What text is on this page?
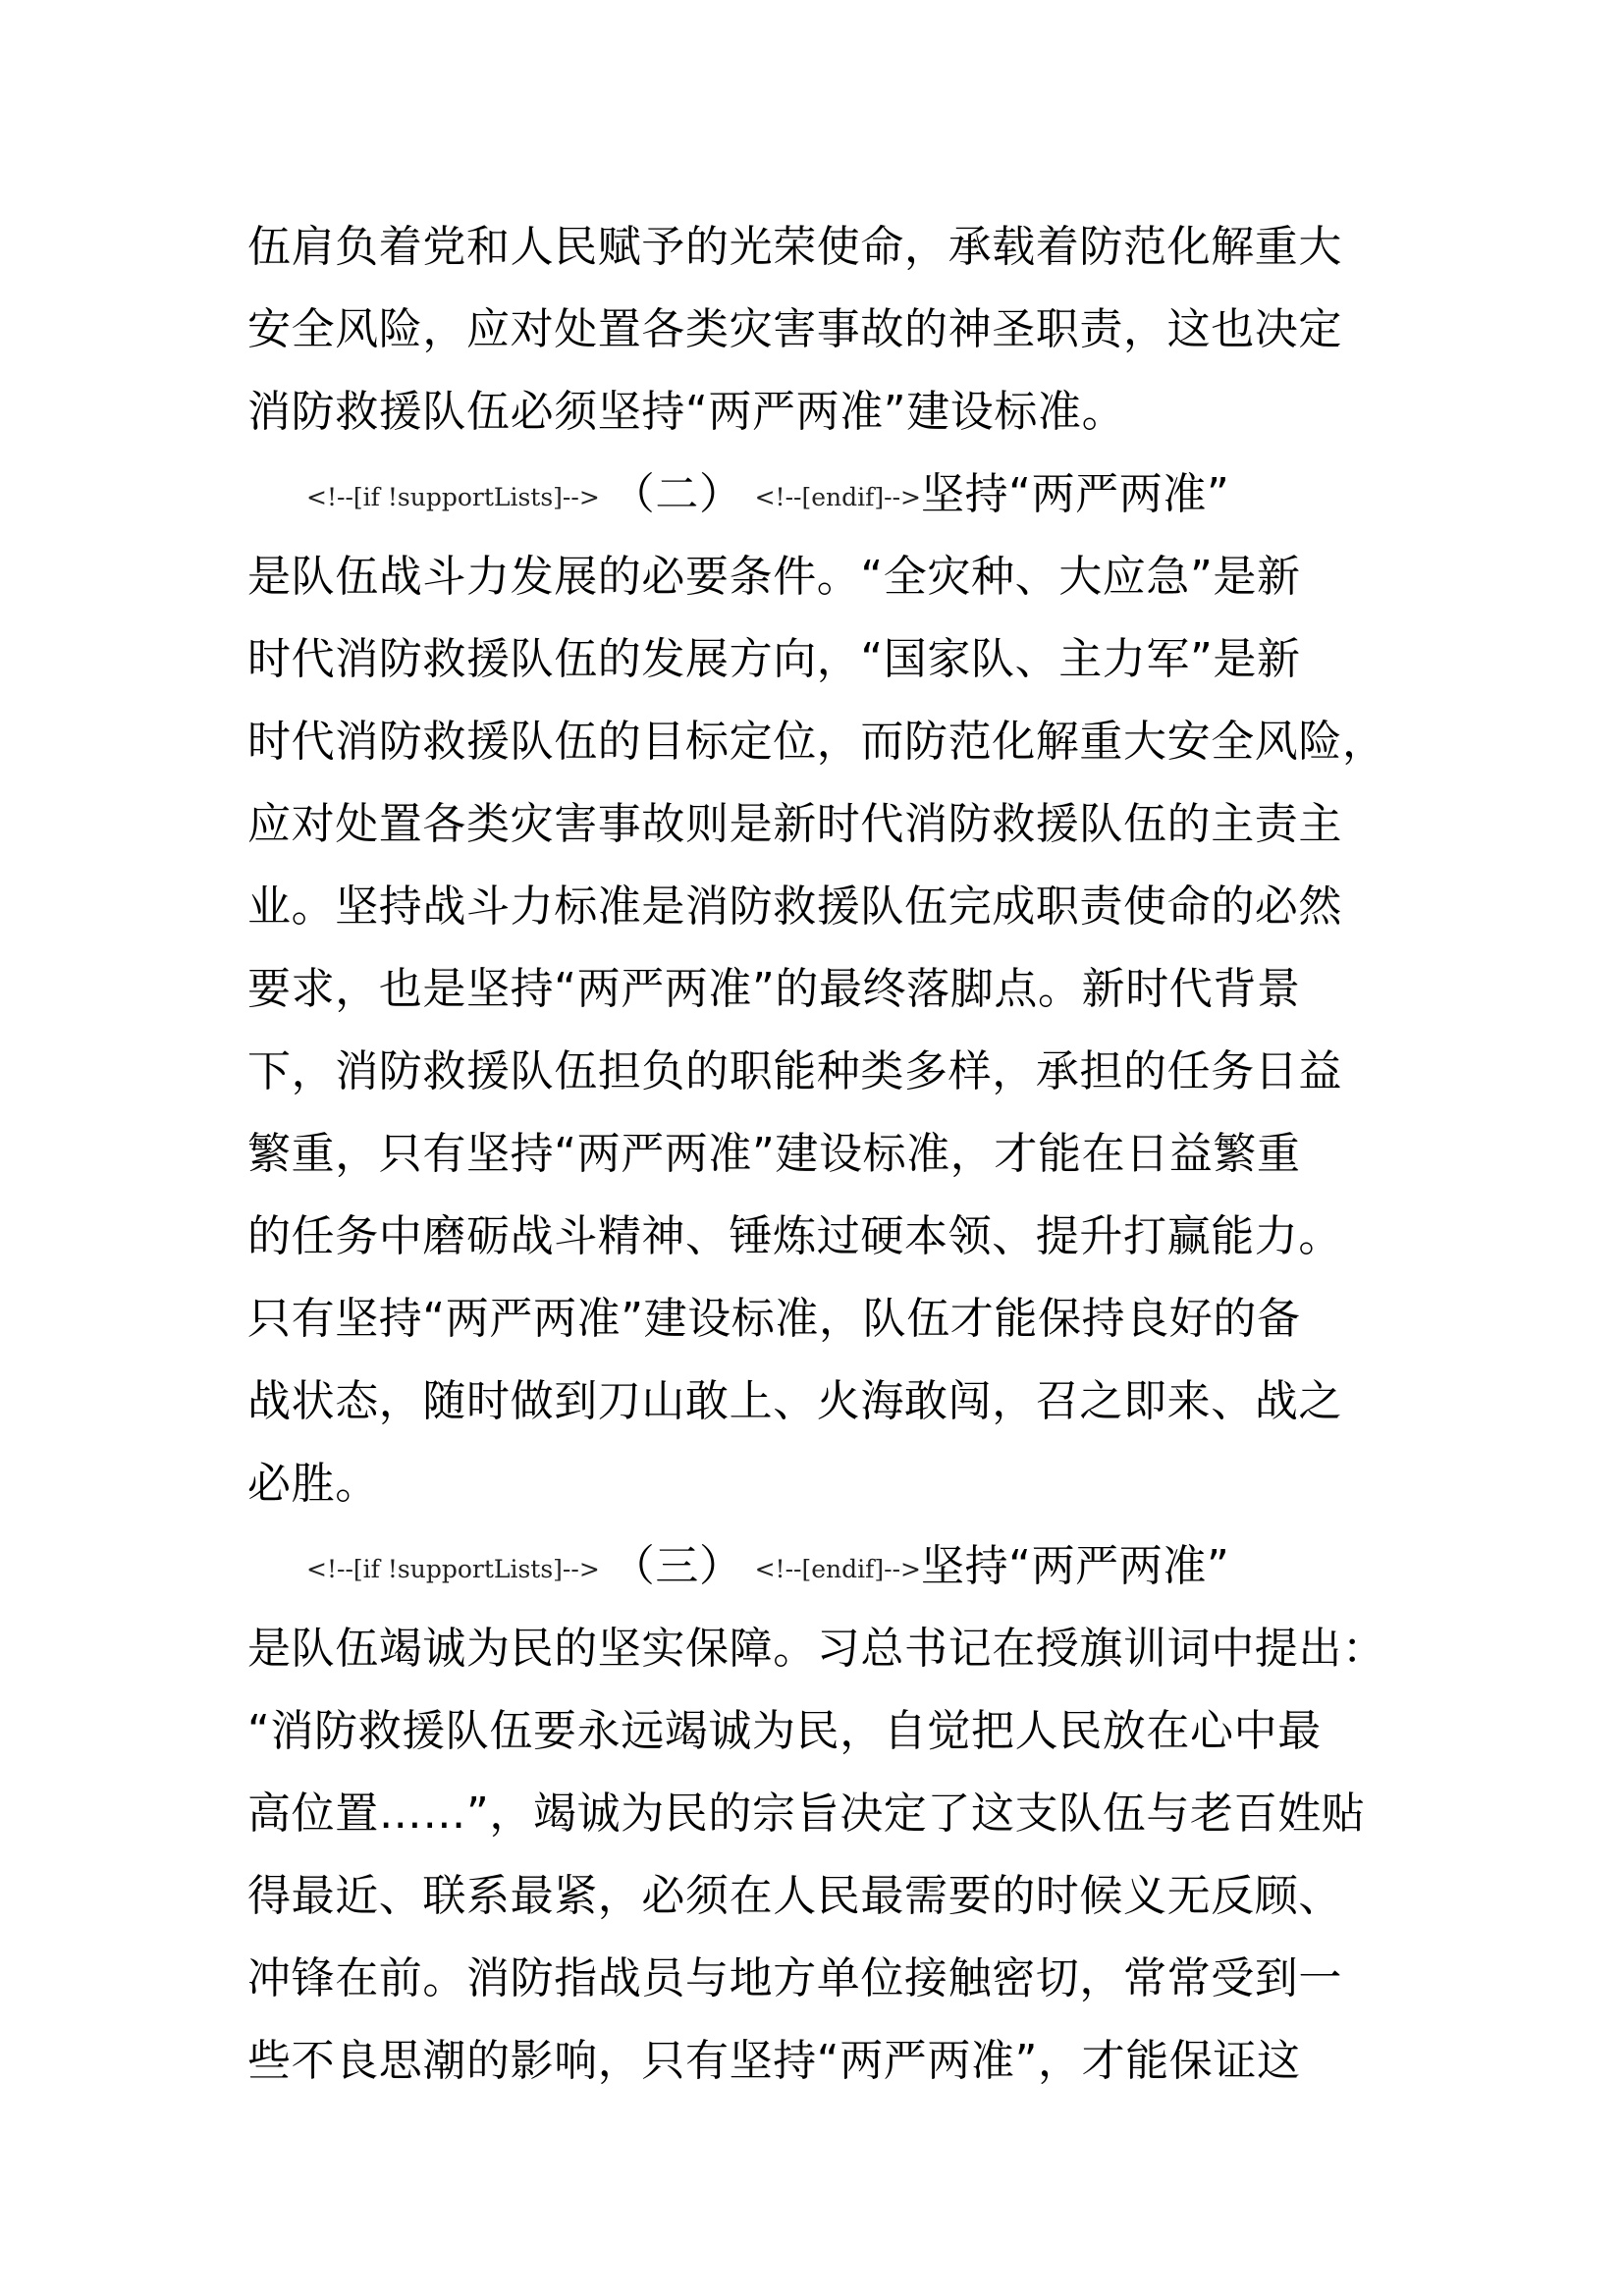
伍肩负着党和人民赋予的光荣使命，承载着防范化解重大
安全风险，应对处置各类灾害事故的神圣职责，这也决定
消防救援队伍必须坚持“两严两准”建设标准。
<!--[if !supportLists]--> （二） <!--[endif]-->坚持“两严两准”
是队伍战斗力发展的必要条件。“全灾种、大应急”是新
时代消防救援队伍的发展方向，“国家队、主力军”是新
时代消防救援队伍的目标定位，而防范化解重大安全风险，
应对处置各类灾害事故则是新时代消防救援队伍的主责主
业。坚持战斗力标准是消防救援队伍完成职责使命的必然
要求，也是坚持“两严两准”的最终落脚点。新时代背景
下，消防救援队伍担负的职能种类多样，承担的任务日益
繁重，只有坚持“两严两准”建设标准，才能在日益繁重
的任务中磨砺战斗精神、锤炼过硬本领、提升打赢能力。
只有坚持“两严两准”建设标准，队伍才能保持良好的备
战状态，随时做到刀山敢上、火海敢闯，召之即来、战之
必胜。
<!--[if !supportLists]--> （三） <!--[endif]-->坚持“两严两准”
是队伍竭诚为民的坚实保障。习总书记在授旗训词中提出：
“消防救援队伍要永远竭诚为民，自觉把人民放在心中最
高位置……”，竭诚为民的宗旨决定了这支队伍与老百姓贴
得最近、联系最紧，必须在人民最需要的时候义无反顾、
冲锋在前。消防指战员与地方单位接触密切，常常受到一
些不良思潮的影响，只有坚持“两严两准”，才能保证这
